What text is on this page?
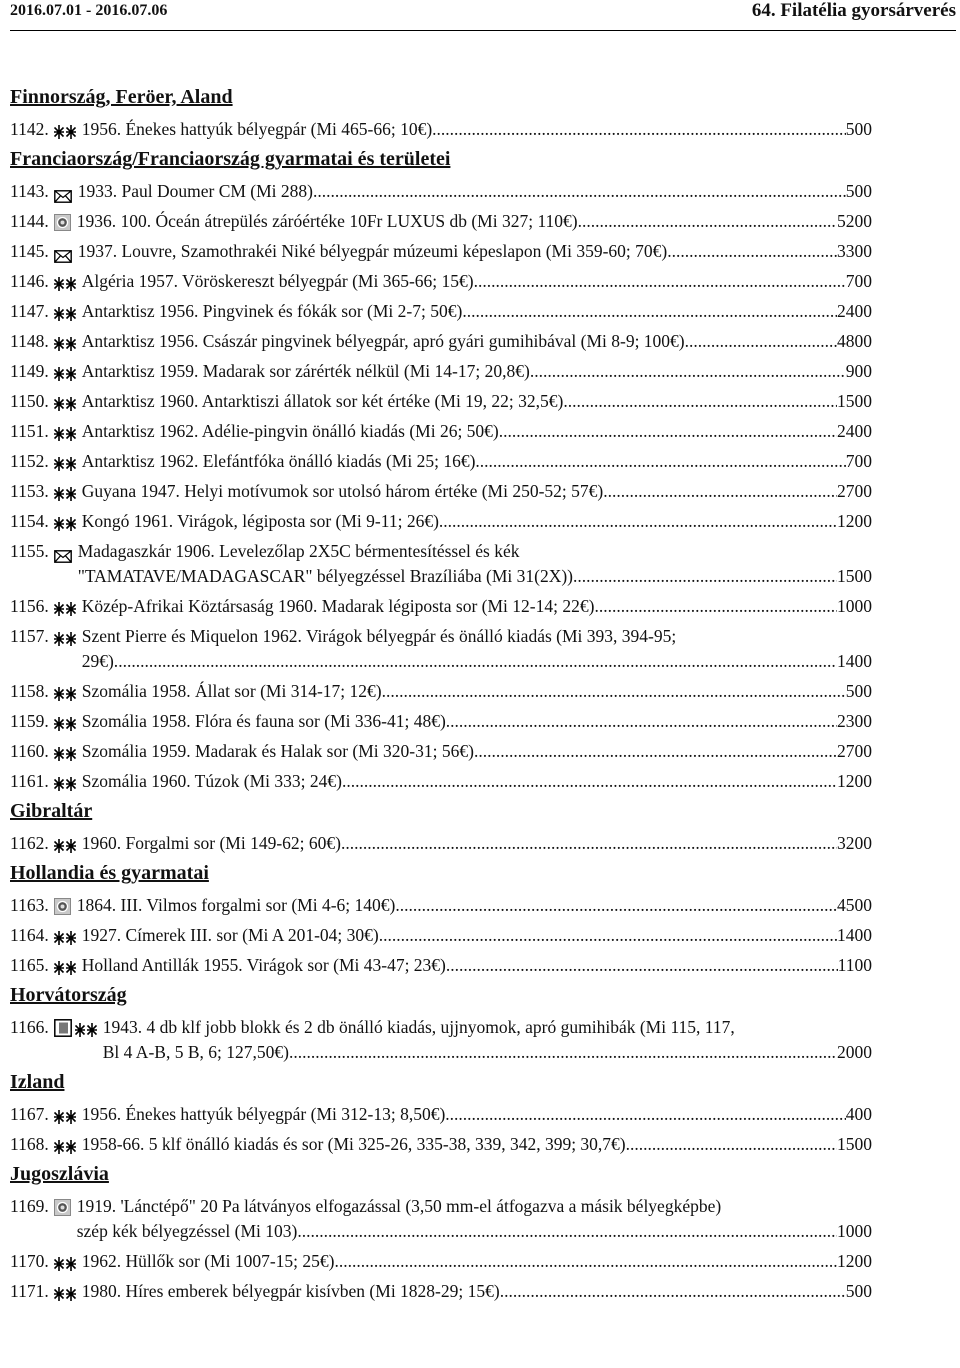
2016.07.01 - 2016.07.06	64. Filatélia gyorsárverés
Finnország, Feröer, Aland
1142. 1956. Énekes hattyúk bélyegpár (Mi 465-66; 10€) .....	500
Franciaország/Franciaország gyarmatai és területei
1143. 1933. Paul Doumer CM (Mi 288). .....	500
1144. 1936. 100. Óceán átrepülés záróértéke 10Fr LUXUS db (Mi 327; 110€) .....	5200
1145. 1937. Louvre, Szamothrakéi Niké bélyegpár múzeumi képeslapon (Mi 359-60; 70€) .....	3300
1146. Algéria 1957. Vöröskereszt bélyegpár (Mi 365-66; 15€) .....	700
1147. Antarktisz 1956. Pingvinek és fókák sor (Mi 2-7; 50€) .....	2400
1148. Antarktisz 1956. Császár pingvinek bélyegpár, apró gyári gumihibával (Mi 8-9; 100€) .....	4800
1149. Antarktisz 1959. Madarak sor zárérték nélkül (Mi 14-17; 20,8€) .....	900
1150. Antarktisz 1960. Antarktiszi állatok sor két értéke (Mi 19, 22; 32,5€) .....	1500
1151. Antarktisz 1962. Adélie-pingvin önálló kiadás (Mi 26; 50€) .....	2400
1152. Antarktisz 1962. Elefántfóka önálló kiadás (Mi 25; 16€) .....	700
1153. Guyana 1947. Helyi motívumok sor utolsó három értéke (Mi 250-52; 57€) .....	2700
1154. Kongó 1961. Virágok, légiposta sor (Mi 9-11; 26€) .....	1200
1155. Madagaszkár 1906. Levelezőlap 2X5C bérmentesítéssel és kék
"TAMATAVE/MADAGASCAR" bélyegzéssel Brazíliába (Mi 31(2X)) .....	1500
1156. Közép-Afrikai Köztársaság 1960. Madarak légiposta sor (Mi 12-14; 22€) .....	1000
1157. Szent Pierre és Miquelon 1962. Virágok bélyegpár és önálló kiadás (Mi 393, 394-95;
29€). .....	1400
1158. Szomália 1958. Állat sor (Mi 314-17; 12€) .....	500
1159. Szomália 1958. Flóra és fauna sor (Mi 336-41; 48€) .....	2300
1160. Szomália 1959. Madarak és Halak sor (Mi 320-31; 56€) .....	2700
1161. Szomália 1960. Túzok (Mi 333; 24€) .....	1200
Gibraltár
1162. 1960. Forgalmi sor (Mi 149-62; 60€) .....	3200
Hollandia és gyarmatai
1163. 1864. III. Vilmos forgalmi sor (Mi 4-6; 140€) .....	4500
1164. 1927. Címerek III. sor (Mi A 201-04; 30€) .....	1400
1165. Holland Antillák 1955. Virágok sor (Mi 43-47; 23€) .....	1100
Horvátország
1166.	1943. 4 db klf jobb blokk és 2 db önálló kiadás, ujjnyomok, apró gumihibák (Mi 115, 117,
Bl 4 A-B, 5 B, 6; 127,50€) .....	2000
Izland
1167. 1956. Énekes hattyúk bélyegpár (Mi 312-13; 8,50€) .....	400
1168. 1958-66. 5 klf önálló kiadás és sor (Mi 325-26, 335-38, 339, 342, 399; 30,7€) .....	1500
Jugoszlávia
1169. 1919. 'Lánctépő" 20 Pa látványos elfogazással (3,50 mm-el átfogazva a másik bélyegképbe)
szép kék bélyegzéssel (Mi 103) .....	1000
1170. 1962. Hüllők sor (Mi 1007-15; 25€) .....	1200
1171. 1980. Híres emberek bélyegpár kisívben (Mi 1828-29; 15€) .....	500
